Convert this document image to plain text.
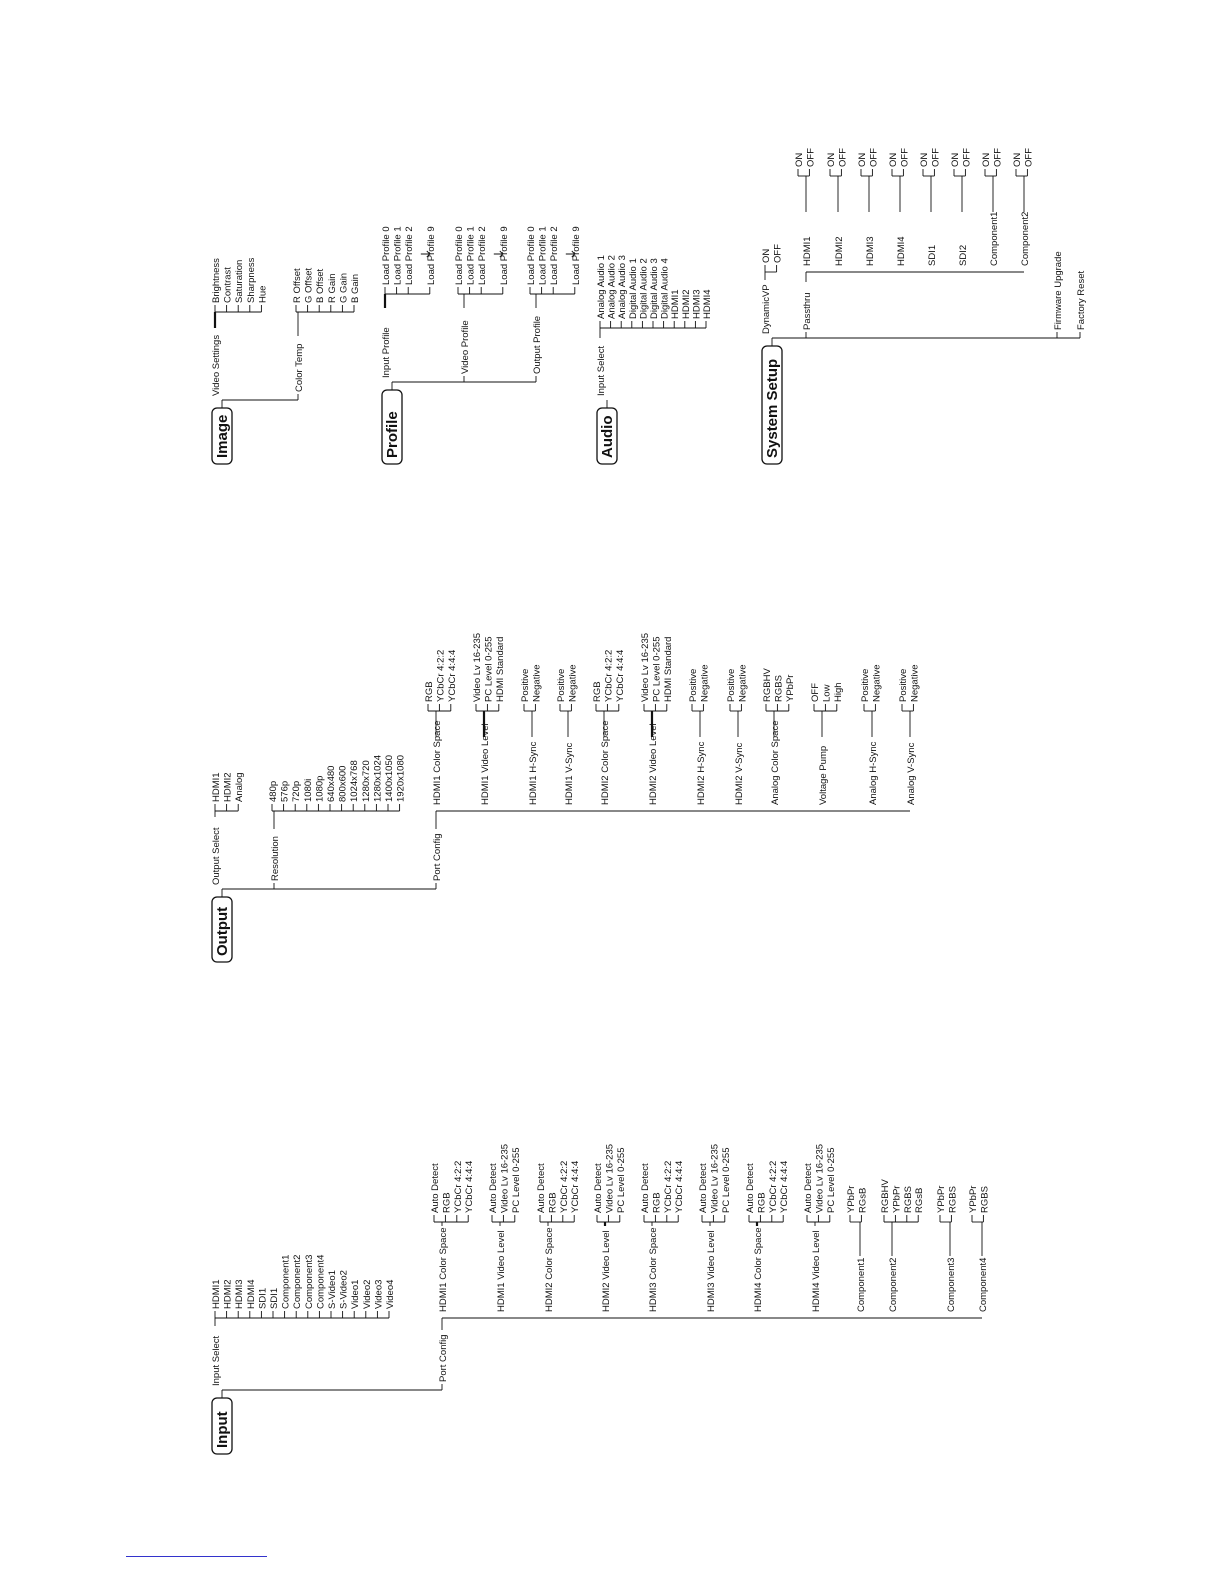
Input
Input Select
HDMI1 HDMI2 HDMI3 HDMI4 SDI1 SDI1 Component1 Component2 Component3 Component4 S-Video1 S-Video2 Video1 Video2 Video3 Video4
Port Config
HDMI1 Color Space
Auto Detect RGB YCbCr 4:2:2 YCbCr 4:4:4
HDMI1 Video Level
Auto Detect Video Lv 16-235 PC Level 0-255
HDMI2 Color Space
Auto Detect RGB YCbCr 4:2:2 YCbCr 4:4:4
HDMI2 Video Level
Auto Detect Video Lv 16-235 PC Level 0-255
HDMI3 Color Space
Auto Detect RGB YCbCr 4:2:2 YCbCr 4:4:4
HDMI3 Video Level
Auto Detect Video Lv 16-235 PC Level 0-255
HDMI4 Color Space
Auto Detect RGB YCbCr 4:2:2 YCbCr 4:4:4
HDMI4 Video Level
Auto Detect Video Lv 16-235 PC Level 0-255
Component1
YPbPr RGsB
Component2
RGBHV YPbPr RGBS RGsB
Component3
YPbPr RGBS
Component4
YPbPr RGBS
Output
Output Select
HDMI1 HDMI2 Analog
Resolution
480p 576p 720p 1080i 1080p 640x480 800x600 1024x768 1280x720 1280x1024 1400x1050 1920x1080
Port Config
HDMI1 Color Space
RGB YCbCr 4:2:2 YCbCr 4:4:4
HDMI1 Video Level
Video Lv 16-235 PC Level 0-255 HDMI Standard
HDMI1 H-Sync
Positive Negative
HDMI1 V-Sync
Positive Negative
HDMI2 Color Space
RGB YCbCr 4:2:2 YCbCr 4:4:4
HDMI2 Video Level
Video Lv 16-235 PC Level 0-255 HDMI Standard
HDMI2 H-Sync
Positive Negative
HDMI2 V-Sync
Positive Negative
Analog Color Space
RGBHV RGBS YPbPr
Voltage Pump
OFF Low High
Analog H-Sync
Positive Negative
Analog V-Sync
Positive Negative
Image
Video Settings
Brightness Contrast Saturation Sharpness Hue
Color Temp
R Offset G Offset B Offset R Gain G Gain B Gain
Profile
Input Profile
Load Profile 0 Load Profile 1 Load Profile 2 Load Profile 9
Video Profile
Load Profile 0 Load Profile 1 Load Profile 2 Load Profile 9
Output Profile
Load Profile 0 Load Profile 1 Load Profile 2 Load Profile 9
Audio
Input Select
Analog Audio 1 Analog Audio 2 Analog Audio 3 Digital Audio 1 Digital Audio 2 Digital Audio 3 Digital Audio 4 HDMI1 HDMI2 HDMI3 HDMI4
System Setup
DynamicVP
ON OFF
Passthru
HDMI1
ON OFF
HDMI2
ON OFF
HDMI3
ON OFF
HDMI4
ON OFF
SDI1
ON OFF
SDI2
ON OFF
Component1
ON OFF
Component2
ON OFF
Firmware Upgrade Factory Reset
